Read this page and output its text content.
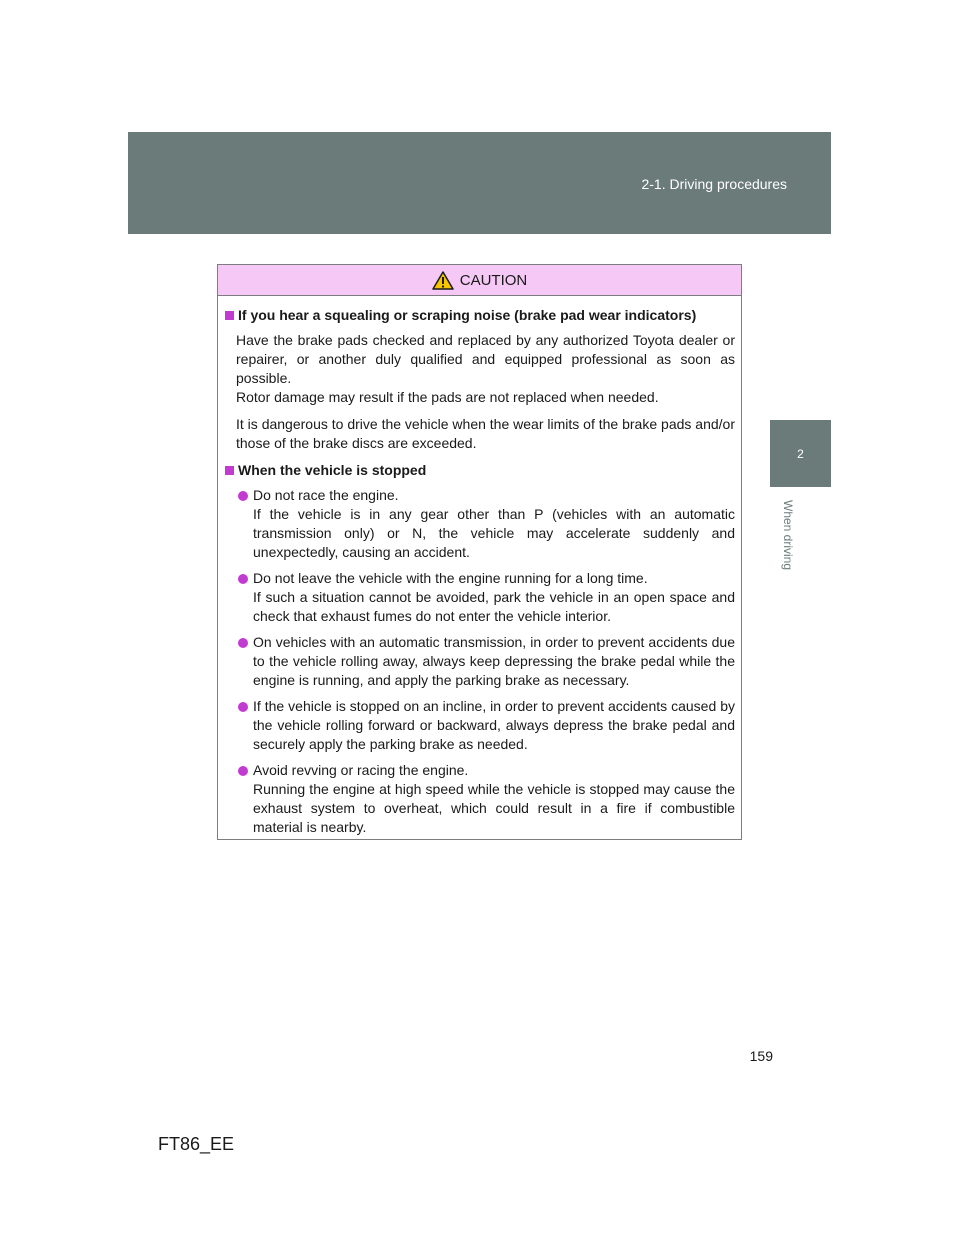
2-1. Driving procedures
2
When driving
CAUTION
If you hear a squealing or scraping noise (brake pad wear indicators)
Have the brake pads checked and replaced by any authorized Toyota dealer or repairer, or another duly qualified and equipped professional as soon as possible.
Rotor damage may result if the pads are not replaced when needed.
It is dangerous to drive the vehicle when the wear limits of the brake pads and/or those of the brake discs are exceeded.
When the vehicle is stopped
Do not race the engine.
If the vehicle is in any gear other than P (vehicles with an automatic transmission only) or N, the vehicle may accelerate suddenly and unexpectedly, causing an accident.
Do not leave the vehicle with the engine running for a long time.
If such a situation cannot be avoided, park the vehicle in an open space and check that exhaust fumes do not enter the vehicle interior.
On vehicles with an automatic transmission, in order to prevent accidents due to the vehicle rolling away, always keep depressing the brake pedal while the engine is running, and apply the parking brake as necessary.
If the vehicle is stopped on an incline, in order to prevent accidents caused by the vehicle rolling forward or backward, always depress the brake pedal and securely apply the parking brake as needed.
Avoid revving or racing the engine.
Running the engine at high speed while the vehicle is stopped may cause the exhaust system to overheat, which could result in a fire if combustible material is nearby.
159
FT86_EE
